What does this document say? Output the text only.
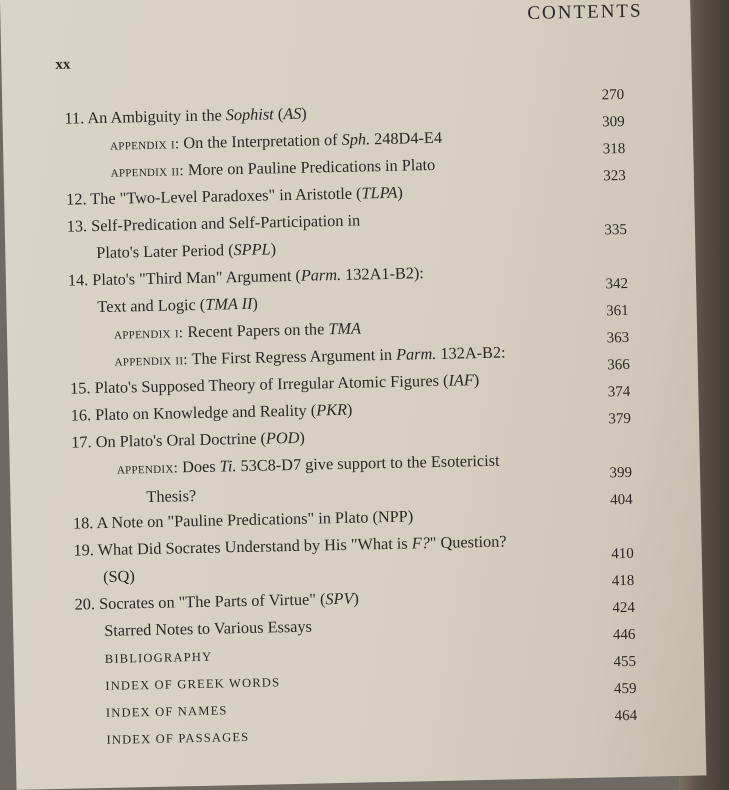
CONTENTS
xx
11. An Ambiguity in the Sophist (AS)
270
appendix i: On the Interpretation of Sph. 248D4-E4
309
appendix ii: More on Pauline Predications in Plato
318
12. The "Two-Level Paradoxes" in Aristotle (TLPA)
323
13. Self-Predication and Self-Participation in
Plato's Later Period (SPPL)
335
14. Plato's "Third Man" Argument (Parm. 132A1-B2):
Text and Logic (TMA II)
342
appendix i: Recent Papers on the TMA
361
appendix ii: The First Regress Argument in Parm. 132A-B2:
363
15. Plato's Supposed Theory of Irregular Atomic Figures (IAF)
366
16. Plato on Knowledge and Reality (PKR)
374
17. On Plato's Oral Doctrine (POD)
379
appendix: Does Ti. 53C8-D7 give support to the Esotericist
Thesis?
399
18. A Note on "Pauline Predications" in Plato (NPP)
404
19. What Did Socrates Understand by His "What is F?" Question?
(SQ)
410
20. Socrates on "The Parts of Virtue" (SPV)
418
Starred Notes to Various Essays
424
BIBLIOGRAPHY
446
INDEX OF GREEK WORDS
455
INDEX OF NAMES
459
INDEX OF PASSAGES
464
